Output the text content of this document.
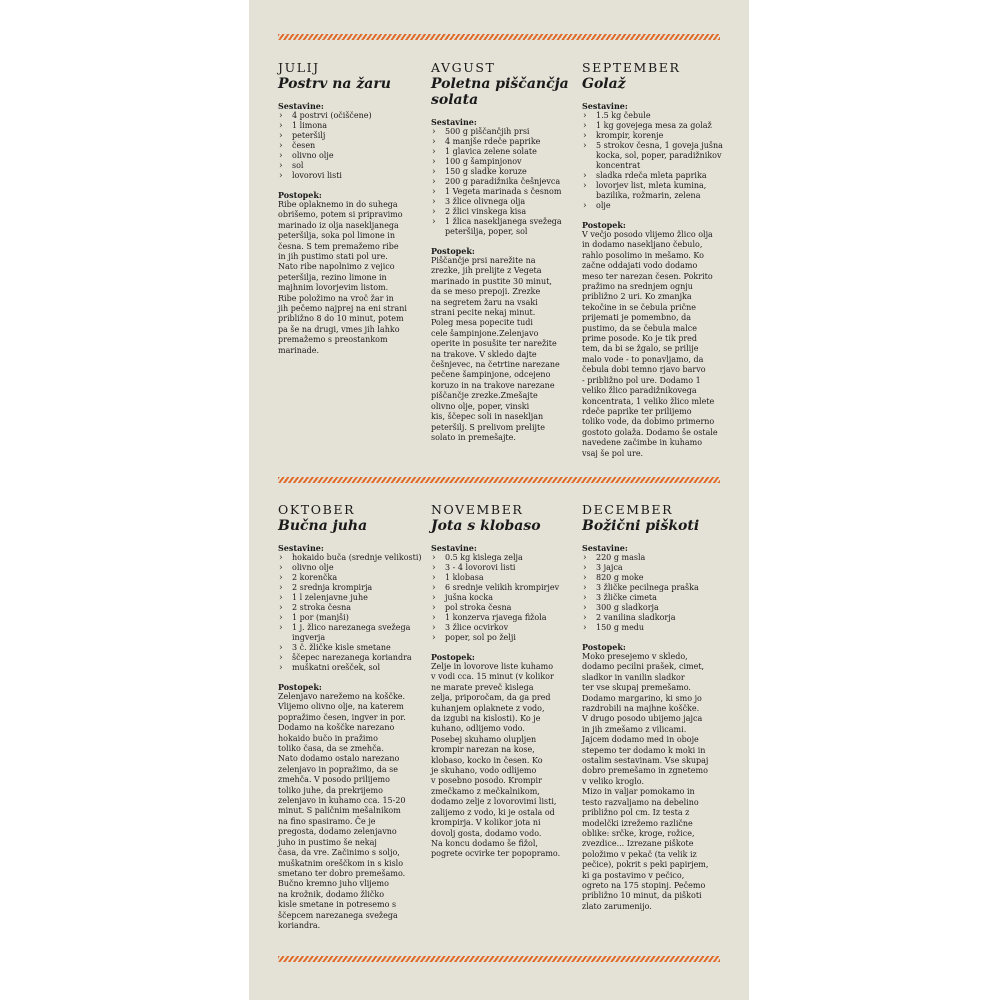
JULIJ
Postrv na žaru
Sestavine:
› 4 postrvi (očiščene)
› 1 limona
› peteršilj
› česen
› olivno olje
› sol
› lovorovi listi
Postopek:
Ribe oplaknemo in do suhega
obrišemo, potem si pripravimo
marinado iz olja nasekljanega
peteršilja, soka pol limone in
česna. S tem premažemo ribe
in jih pustimo stati pol ure.
Nato ribe napolnimo z vejico
peteršilja, rezino limone in
majhnim lovorjevim listom.
Ribe položimo na vroč žar in
jih pečemo najprej na eni strani
približno 8 do 10 minut, potem
pa še na drugi, vmes jih lahko
premažemo s preostankom
marinade.
AVGUST
Poletna piščančja solata
Sestavine:
› 500 g piščančjih prsi
› 4 manjše rdeče paprike
› 1 glavica zelene solate
› 100 g šampinjonov
› 150 g sladke koruze
› 200 g paradižnika češnjevca
› 1 Vegeta marinada s česnom
› 3 žlice olivnega olja
› 2 žlici vinskega kisa
› 1 žlica nasekljanega svežega peteršilja, poper, sol
Postopek:
Piščančje prsi narežite na
zrezke, jih prelijte z Vegeta
marinado in pustite 30 minut,
da se meso prepoji. Zrezke
na segretem žaru na vsaki
strani pecite nekaj minut.
Poleg mesa popecite tudi
cele šampinjone.Zelenjavo
operite in posušite ter narežite
na trakove. V skledo dajte
češnjevec, na četrtine narezane
pečene šampinjone, odcejeno
koruzo in na trakove narezane
piščančje zrezke.Zmešajte
olivno olje, poper, vinski
kis, ščepec soli in nasekljan
peteršilj. S prelivom prelijte
solato in premešajte.
SEPTEMBER
Golaž
Sestavine:
› 1.5 kg čebule
› 1 kg govejega mesa za golaž
› krompir, korenje
› 5 strokov česna, 1 goveja jušna kocka, sol, poper, paradižnikov koncentrat
› sladka rdeča mleta paprika
› lovorjev list, mleta kumina, bazilika, rožmarin, zelena
› olje
Postopek:
V večjo posodo vlijemo žlico olja
in dodamo nasekljano čebulo,
rahlo posolimo in mešamo. Ko
začne oddajati vodo dodamo
meso ter narezan česen. Pokrito
pražimo na srednjem ognju
približno 2 uri. Ko zmanjka
tekočine in se čebula prične
prijemati je pomembno, da
pustimo, da se čebula malce
prime posode. Ko je tik pred
tem, da bi se žgalo, se prilije
malo vode - to ponavljamo, da
čebula dobi temno rjavo barvo
- približno pol ure. Dodamo 1
veliko žlico paradižnikovega
koncentrata, 1 veliko žlico mlete
rdeče paprike ter prilijemo
toliko vode, da dobimo primerno
gostoto golaža. Dodamo še ostale
navedene začimbe in kuhamo
vsaj še pol ure.
OKTOBER
Bučna juha
Sestavine:
› hokaido buča (srednje velikosti)
› olivno olje
› 2 korenčka
› 2 srednja krompirja
› 1 l zelenjavne juhe
› 2 stroka česna
› 1 por (manjši)
› 1 j. žlico narezanega svežega ingverja
› 3 č. žličke kisle smetane
› ščepec narezanega koriandra
› muškatni orešček, sol
Postopek:
Zelenjavo narežemo na koščke.
Vlijemo olivno olje, na katerem
popražimo česen, ingver in por.
Dodamo na koščke narezano
hokaido bučo in pražimo
toliko časa, da se zmehča.
Nato dodamo ostalo narezano
zelenjavo in popražimo, da se
zmehča. V posodo prilijemo
toliko juhe, da prekrijemo
zelenjavo in kuhamo cca. 15-20
minut. S paličnim mešalnikom
na fino spasiramo. Če je
pregosta, dodamo zelenjavno
juho in pustimo še nekaj
časa, da vre. Začinimo s soljo,
muškatnim oreščkom in s kislo
smetano ter dobro premešamo.
Bučno kremno juho vlijemo
na krožnik, dodamo žličko
kisle smetane in potresemo s
ščepcem narezanega svežega
koriandra.
NOVEMBER
Jota s klobaso
Sestavine:
› 0.5 kg kislega zelja
› 3 - 4 lovorovi listi
› 1 klobasa
› 6 srednje velikih krompirjev
› jušna kocka
› pol stroka česna
› 1 konzerva rjavega fižola
› 3 žlice ocvirkov
› poper, sol po želji
Postopek:
Zelje in lovorove liste kuhamo
v vodi cca. 15 minut (v kolikor
ne marate preveč kislega
zelja, priporočam, da ga pred
kuhanjem oplaknete z vodo,
da izgubi na kislosti). Ko je
kuhano, odlijemo vodo.
Posebej skuhamo olupljen
krompir narezan na kose,
klobaso, kocko in česen. Ko
je skuhano, vodo odlijemo
v posebno posodo. Krompir
zmečkamo z mečkalnikom,
dodamo zelje z lovorovimi listi,
zalijemo z vodo, ki je ostala od
krompirja. V kolikor jota ni
dovolj gosta, dodamo vodo.
Na koncu dodamo še fižol,
pogrete ocvirke ter popopramo.
DECEMBER
Božični piškoti
Sestavine:
› 220 g masla
› 3 jajca
› 820 g moke
› 3 žličke pecilnega praška
› 3 žličke cimeta
› 300 g sladkorja
› 2 vanilina sladkorja
› 150 g medu
Postopek:
Moko presejemo v skledo,
dodamo pecilni prašek, cimet,
sladkor in vanilin sladkor
ter vse skupaj premešamo.
Dodamo margarino, ki smo jo
razdrobili na majhne koščke.
V drugo posodo ubijemo jajca
in jih zmešamo z vilicami.
Jajcem dodamo med in oboje
stepemo ter dodamo k moki in
ostalim sestavinam. Vse skupaj
dobro premešamo in zgnetemo
v veliko kroglo.
Mizo in valjar pomokamo in
testo razvaljamo na debelino
približno pol cm. Iz testa z
modelčki izrežemo različne
oblike: srčke, kroge, rožice,
zvezdice... Izrezane piškote
položimo v pekač (ta velik iz
pečice), pokrit s peki papirjem,
ki ga postavimo v pečico,
ogreto na 175 stopinj. Pečemo
približno 10 minut, da piškoti
zlato zarumenijo.
